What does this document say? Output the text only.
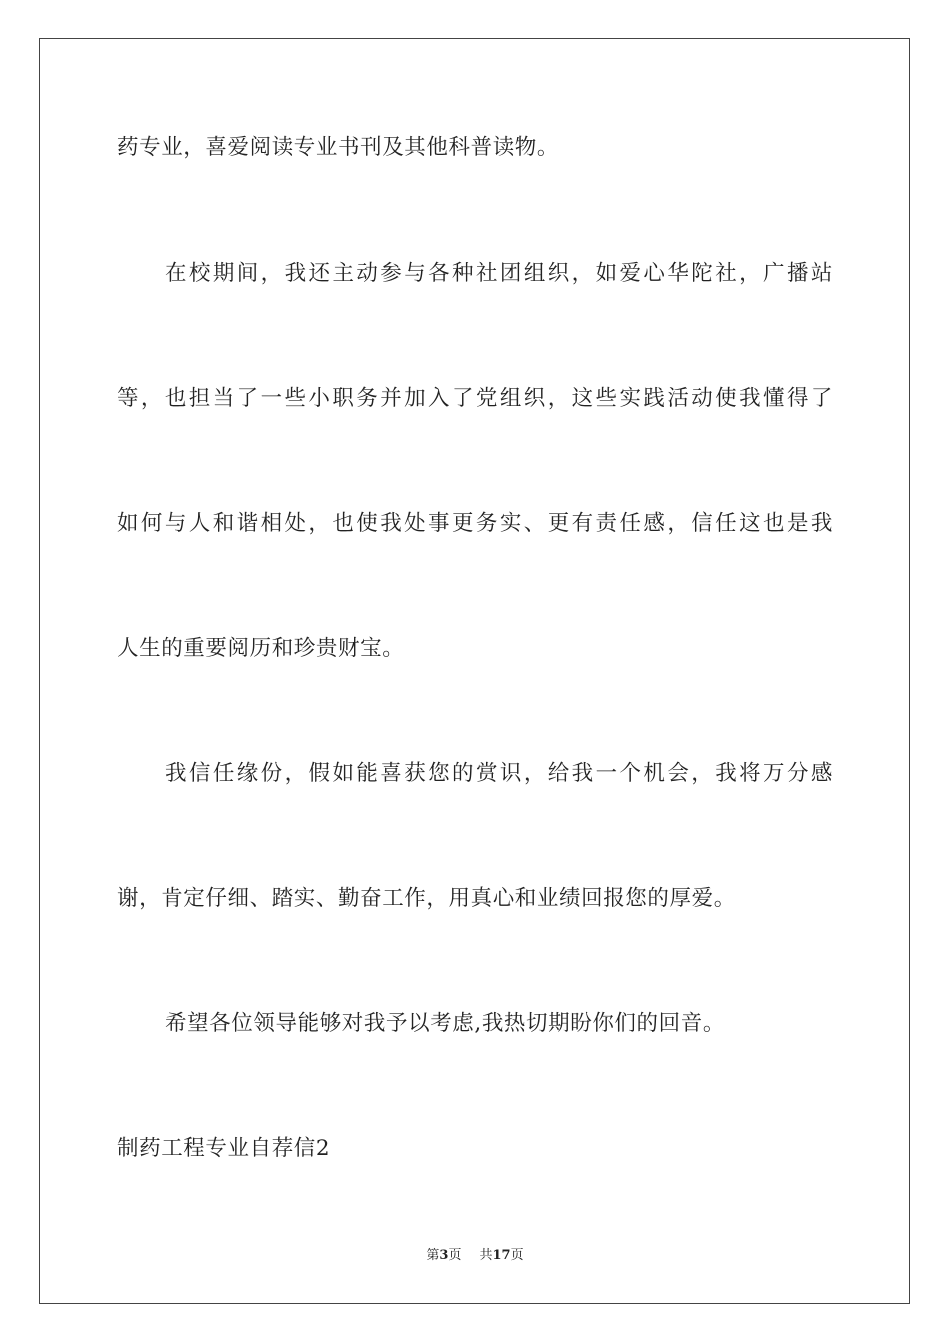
药专业，喜爱阅读专业书刊及其他科普读物。
在校期间，我还主动参与各种社团组织，如爱心华陀社，广播站
等，也担当了一些小职务并加入了党组织，这些实践活动使我懂得了
如何与人和谐相处，也使我处事更务实、更有责任感，信任这也是我
人生的重要阅历和珍贵财宝。
我信任缘份，假如能喜获您的赏识，给我一个机会，我将万分感
谢，肯定仔细、踏实、勤奋工作，用真心和业绩回报您的厚爱。
希望各位领导能够对我予以考虑,我热切期盼你们的回音。
制药工程专业自荐信2
第3页 共17页
